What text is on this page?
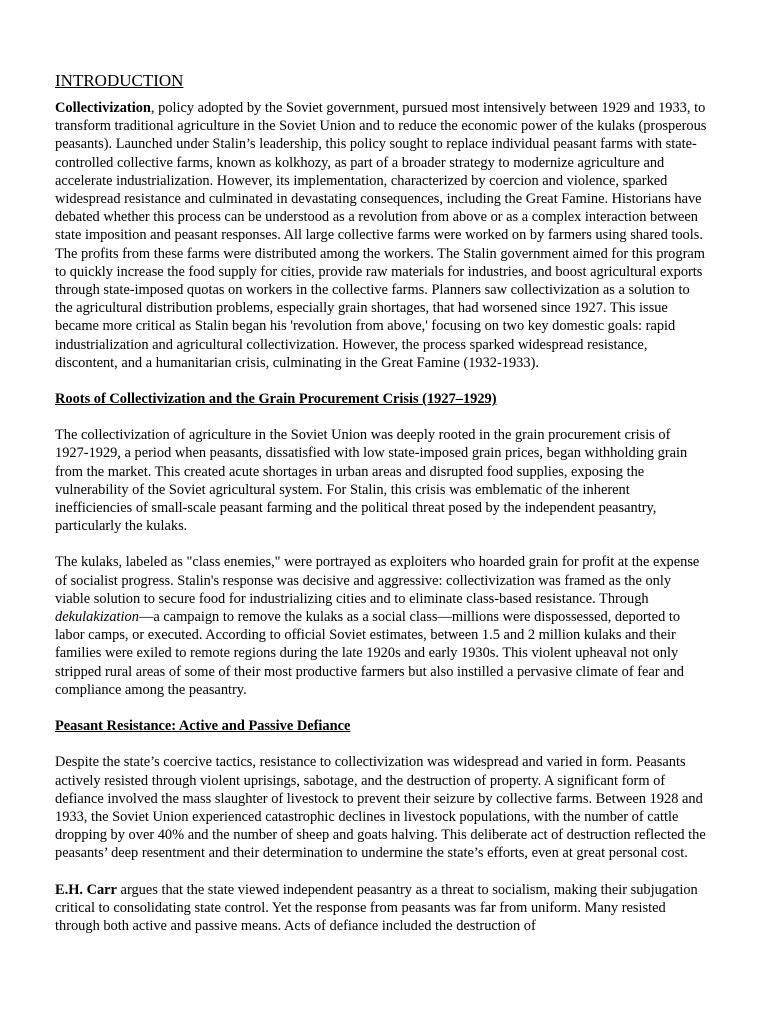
INTRODUCTION

Collectivization, policy adopted by the Soviet government, pursued most intensively between 1929 and 1933, to transform traditional agriculture in the Soviet Union and to reduce the economic power of the kulaks (prosperous peasants). Launched under Stalin’s leadership, this policy sought to replace individual peasant farms with state-controlled collective farms, known as kolkhozy, as part of a broader strategy to modernize agriculture and accelerate industrialization. However, its implementation, characterized by coercion and violence, sparked widespread resistance and culminated in devastating consequences, including the Great Famine. Historians have debated whether this process can be understood as a revolution from above or as a complex interaction between state imposition and peasant responses. All large collective farms were worked on by farmers using shared tools. The profits from these farms were distributed among the workers. The Stalin government aimed for this program to quickly increase the food supply for cities, provide raw materials for industries, and boost agricultural exports through state-imposed quotas on workers in the collective farms. Planners saw collectivization as a solution to the agricultural distribution problems, especially grain shortages, that had worsened since 1927. This issue became more critical as Stalin began his 'revolution from above,' focusing on two key domestic goals: rapid industrialization and agricultural collectivization. However, the process sparked widespread resistance, discontent, and a humanitarian crisis, culminating in the Great Famine (1932-1933).

Roots of Collectivization and the Grain Procurement Crisis (1927–1929)

The collectivization of agriculture in the Soviet Union was deeply rooted in the grain procurement crisis of 1927-1929, a period when peasants, dissatisfied with low state-imposed grain prices, began withholding grain from the market. This created acute shortages in urban areas and disrupted food supplies, exposing the vulnerability of the Soviet agricultural system. For Stalin, this crisis was emblematic of the inherent inefficiencies of small-scale peasant farming and the political threat posed by the independent peasantry, particularly the kulaks.

The kulaks, labeled as "class enemies," were portrayed as exploiters who hoarded grain for profit at the expense of socialist progress. Stalin's response was decisive and aggressive: collectivization was framed as the only viable solution to secure food for industrializing cities and to eliminate class-based resistance. Through dekulakization—a campaign to remove the kulaks as a social class—millions were dispossessed, deported to labor camps, or executed. According to official Soviet estimates, between 1.5 and 2 million kulaks and their families were exiled to remote regions during the late 1920s and early 1930s. This violent upheaval not only stripped rural areas of some of their most productive farmers but also instilled a pervasive climate of fear and compliance among the peasantry.

Peasant Resistance: Active and Passive Defiance

Despite the state’s coercive tactics, resistance to collectivization was widespread and varied in form. Peasants actively resisted through violent uprisings, sabotage, and the destruction of property. A significant form of defiance involved the mass slaughter of livestock to prevent their seizure by collective farms. Between 1928 and 1933, the Soviet Union experienced catastrophic declines in livestock populations, with the number of cattle dropping by over 40% and the number of sheep and goats halving. This deliberate act of destruction reflected the peasants’ deep resentment and their determination to undermine the state’s efforts, even at great personal cost.

E.H. Carr argues that the state viewed independent peasantry as a threat to socialism, making their subjugation critical to consolidating state control. Yet the response from peasants was far from uniform. Many resisted through both active and passive means. Acts of defiance included the destruction of
